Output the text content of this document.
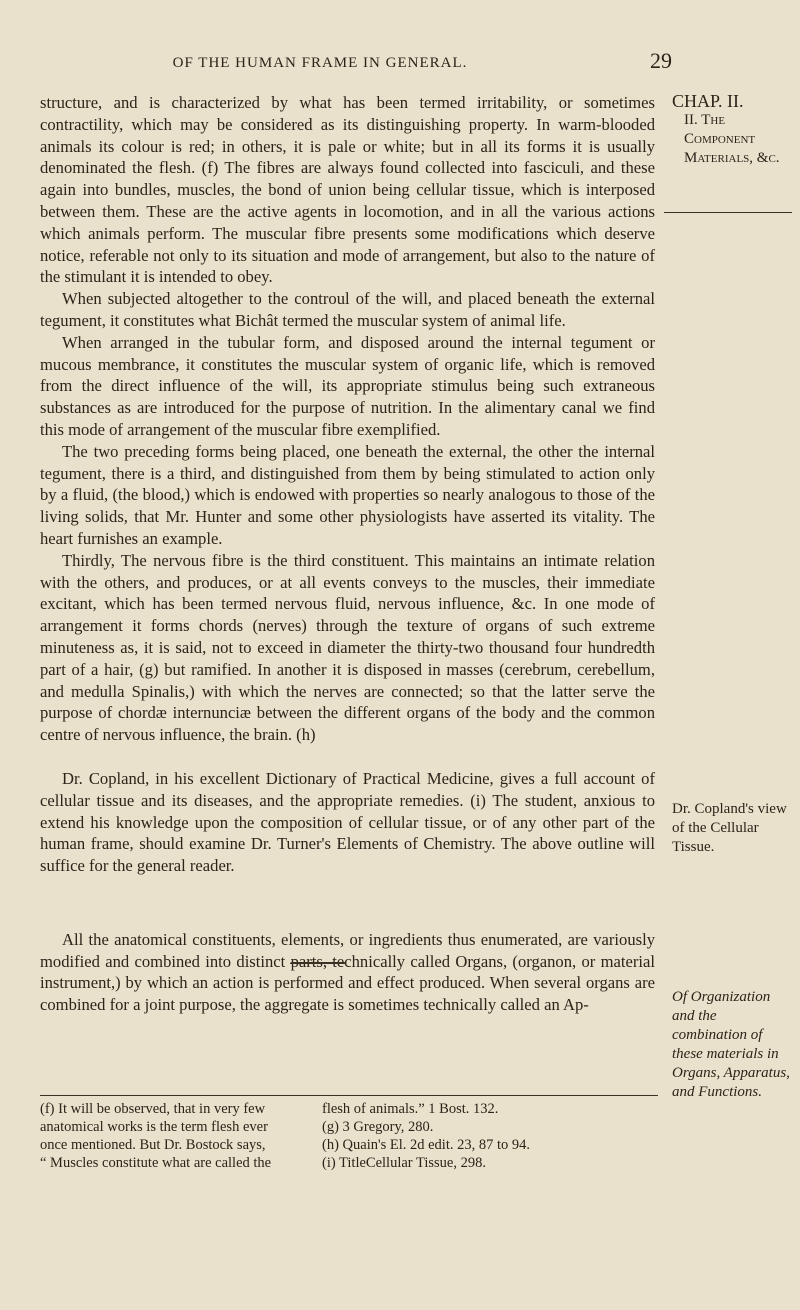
OF THE HUMAN FRAME IN GENERAL.	29

structure, and is characterized by what has been termed irritability, or sometimes contractility, which may be considered as its distinguishing property. In warm-blooded animals its colour is red; in others, it is pale or white; but in all its forms it is usually denominated the flesh. (f) The fibres are always found collected into fasciculi, and these again into bundles, muscles, the bond of union being cellular tissue, which is interposed between them. These are the active agents in locomotion, and in all the various actions which animals perform. The muscular fibre presents some modifications which deserve notice, referable not only to its situation and mode of arrangement, but also to the nature of the stimulant it is intended to obey.

When subjected altogether to the controul of the will, and placed beneath the external tegument, it constitutes what Bichât termed the muscular system of animal life.

When arranged in the tubular form, and disposed around the internal tegument or mucous membrance, it constitutes the muscular system of organic life, which is removed from the direct influence of the will, its appropriate stimulus being such extraneous substances as are introduced for the purpose of nutrition. In the alimentary canal we find this mode of arrangement of the muscular fibre exemplified.

The two preceding forms being placed, one beneath the external, the other the internal tegument, there is a third, and distinguished from them by being stimulated to action only by a fluid, (the blood,) which is endowed with properties so nearly analogous to those of the living solids, that Mr. Hunter and some other physiologists have asserted its vitality. The heart furnishes an example.

Thirdly, The nervous fibre is the third constituent. This maintains an intimate relation with the others, and produces, or at all events conveys to the muscles, their immediate excitant, which has been termed nervous fluid, nervous influence, &c. In one mode of arrangement it forms chords (nerves) through the texture of organs of such extreme minuteness as, it is said, not to exceed in diameter the thirty-two thousand four hundredth part of a hair, (g) but ramified. In another it is disposed in masses (cerebrum, cerebellum, and medulla Spinalis,) with which the nerves are connected; so that the latter serve the purpose of chordæ internunciæ between the different organs of the body and the common centre of nervous influence, the brain. (h)

Dr. Copland, in his excellent Dictionary of Practical Medicine, gives a full account of cellular tissue and its diseases, and the appropriate remedies. (i) The student, anxious to extend his knowledge upon the composition of cellular tissue, or of any other part of the human frame, should examine Dr. Turner's Elements of Chemistry. The above outline will suffice for the general reader.

All the anatomical constituents, elements, or ingredients thus enumerated, are variously modified and combined into distinct parts, technically called Organs, (organon, or material instrument,) by which an action is performed and effect produced. When several organs are combined for a joint purpose, the aggregate is sometimes technically called an Ap-

CHAP. II.
II. The Component Materials, &c.
Dr. Copland's view of the Cellular Tissue.
Of Organization and the combination of these materials in Organs, Apparatus, and Functions.
(f) It will be observed, that in very few
anatomical works is the term flesh ever
once mentioned. But Dr. Bostock says,
“ Muscles constitute what are called the
flesh of animals.” 1 Bost. 132.
(g) 3 Gregory, 280.
(h) Quain's El. 2d edit. 23, 87 to 94.
(i) TitleCellular Tissue, 298.
